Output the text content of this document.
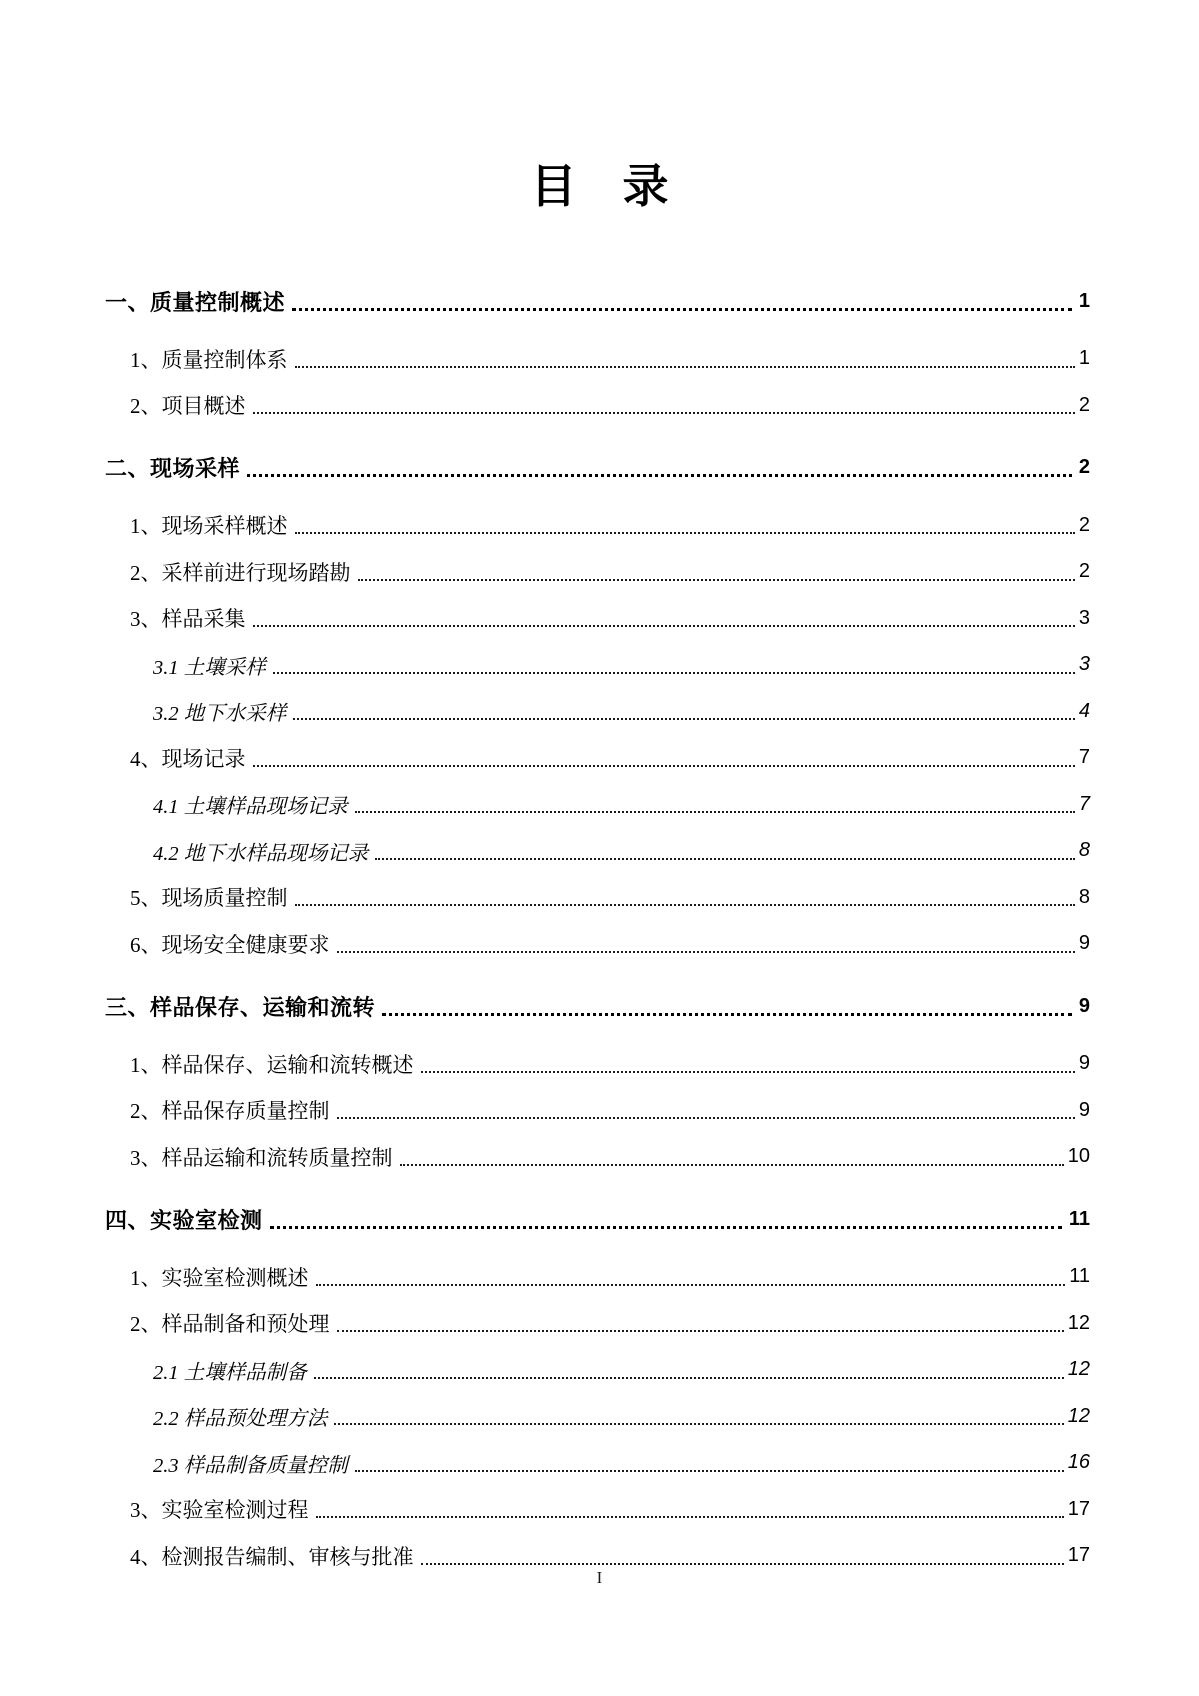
目　录
一、质量控制概述	1
1、质量控制体系	1
2、项目概述	2
二、现场采样	2
1、现场采样概述	2
2、采样前进行现场踏勘	2
3、样品采集	3
3.1 土壤采样	3
3.2 地下水采样	4
4、现场记录	7
4.1 土壤样品现场记录	7
4.2 地下水样品现场记录	8
5、现场质量控制	8
6、现场安全健康要求	9
三、样品保存、运输和流转	9
1、样品保存、运输和流转概述	9
2、样品保存质量控制	9
3、样品运输和流转质量控制	10
四、实验室检测	11
1、实验室检测概述	11
2、样品制备和预处理	12
2.1 土壤样品制备	12
2.2 样品预处理方法	12
2.3 样品制备质量控制	16
3、实验室检测过程	17
4、检测报告编制、审核与批准	17
I
